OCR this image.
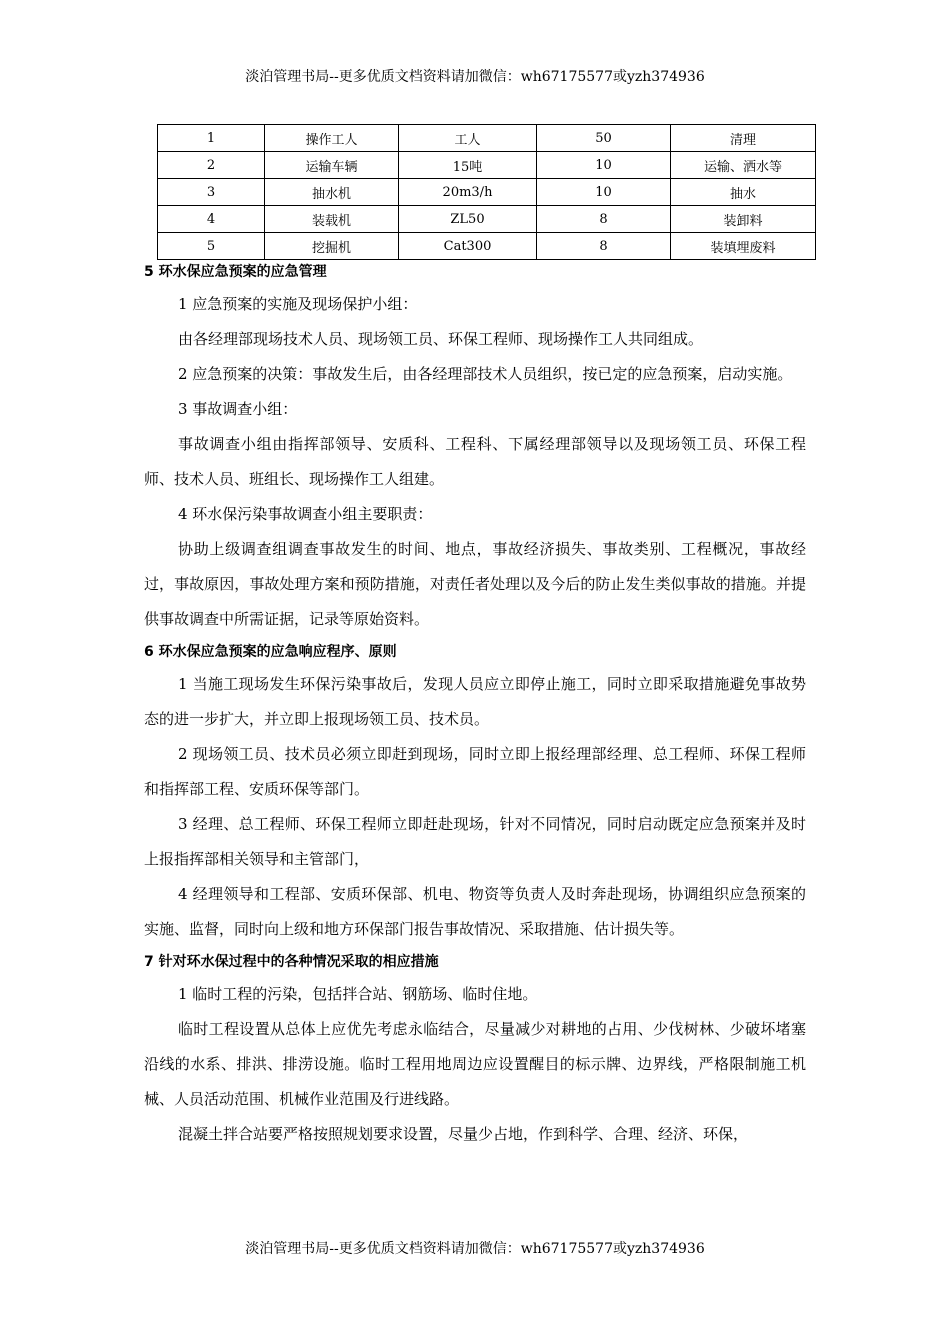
淡泊管理书局--更多优质文档资料请加微信：wh67175577或yzh374936
1	操作工人	工人	50	清理
2	运输车辆	15吨	10	运输、洒水等
3	抽水机	20m3/h	10	抽水
4	装载机	ZL50	8	装卸料
5	挖掘机	Cat300	8	装填埋废料
5 环水保应急预案的应急管理

1 应急预案的实施及现场保护小组：

由各经理部现场技术人员、现场领工员、环保工程师、现场操作工人共同组成。

2 应急预案的决策：事故发生后，由各经理部技术人员组织，按已定的应急预案，启动实施。

3 事故调查小组：

事故调查小组由指挥部领导、安质科、工程科、下属经理部领导以及现场领工员、环保工程师、技术人员、班组长、现场操作工人组建。

4 环水保污染事故调查小组主要职责：

协助上级调查组调查事故发生的时间、地点，事故经济损失、事故类别、工程概况，事故经过，事故原因，事故处理方案和预防措施，对责任者处理以及今后的防止发生类似事故的措施。并提供事故调查中所需证据，记录等原始资料。

6 环水保应急预案的应急响应程序、原则

1 当施工现场发生环保污染事故后，发现人员应立即停止施工，同时立即采取措施避免事故势态的进一步扩大，并立即上报现场领工员、技术员。

2 现场领工员、技术员必须立即赶到现场，同时立即上报经理部经理、总工程师、环保工程师和指挥部工程、安质环保等部门。

3 经理、总工程师、环保工程师立即赶赴现场，针对不同情况，同时启动既定应急预案并及时上报指挥部相关领导和主管部门，

4 经理领导和工程部、安质环保部、机电、物资等负责人及时奔赴现场，协调组织应急预案的实施、监督，同时向上级和地方环保部门报告事故情况、采取措施、估计损失等。

7 针对环水保过程中的各种情况采取的相应措施

1 临时工程的污染，包括拌合站、钢筋场、临时住地。

临时工程设置从总体上应优先考虑永临结合，尽量减少对耕地的占用、少伐树林、少破坏堵塞沿线的水系、排洪、排涝设施。临时工程用地周边应设置醒目的标示牌、边界线，严格限制施工机械、人员活动范围、机械作业范围及行进线路。

混凝土拌合站要严格按照规划要求设置，尽量少占地，作到科学、合理、经济、环保，

淡泊管理书局--更多优质文档资料请加微信：wh67175577或yzh374936
